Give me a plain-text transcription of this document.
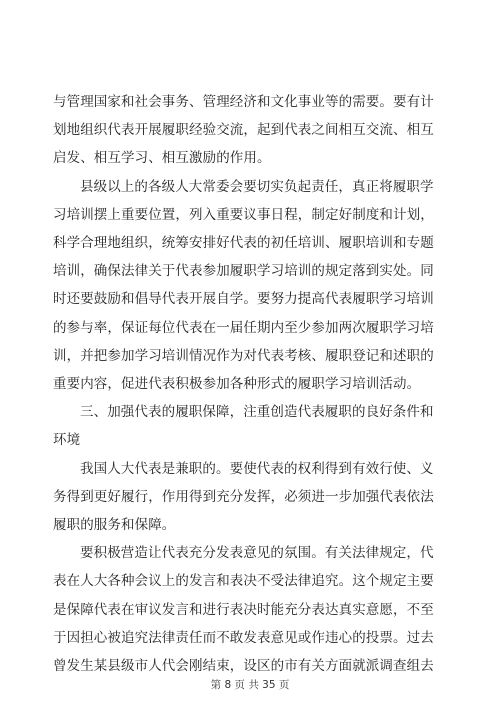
与管理国家和社会事务、管理经济和文化事业等的需要。要有计
划地组织代表开展履职经验交流，起到代表之间相互交流、相互
启发、相互学习、相互激励的作用。
县级以上的各级人大常委会要切实负起责任，真正将履职学
习培训摆上重要位置，列入重要议事日程，制定好制度和计划，
科学合理地组织，统筹安排好代表的初任培训、履职培训和专题
培训，确保法律关于代表参加履职学习培训的规定落到实处。同
时还要鼓励和倡导代表开展自学。要努力提高代表履职学习培训
的参与率，保证每位代表在一届任期内至少参加两次履职学习培
训，并把参加学习培训情况作为对代表考核、履职登记和述职的
重要内容，促进代表积极参加各种形式的履职学习培训活动。
三、加强代表的履职保障，注重创造代表履职的良好条件和
环境
我国人大代表是兼职的。要使代表的权利得到有效行使、义
务得到更好履行，作用得到充分发挥，必须进一步加强代表依法
履职的服务和保障。
要积极营造让代表充分发表意见的氛围。有关法律规定，代
表在人大各种会议上的发言和表决不受法律追究。这个规定主要
是保障代表在审议发言和进行表决时能充分表达真实意愿，不至
于因担心被追究法律责任而不敢发表意见或作违心的投票。过去
曾发生某县级市人代会刚结束，设区的市有关方面就派调查组去
第 8 页 共 35 页
